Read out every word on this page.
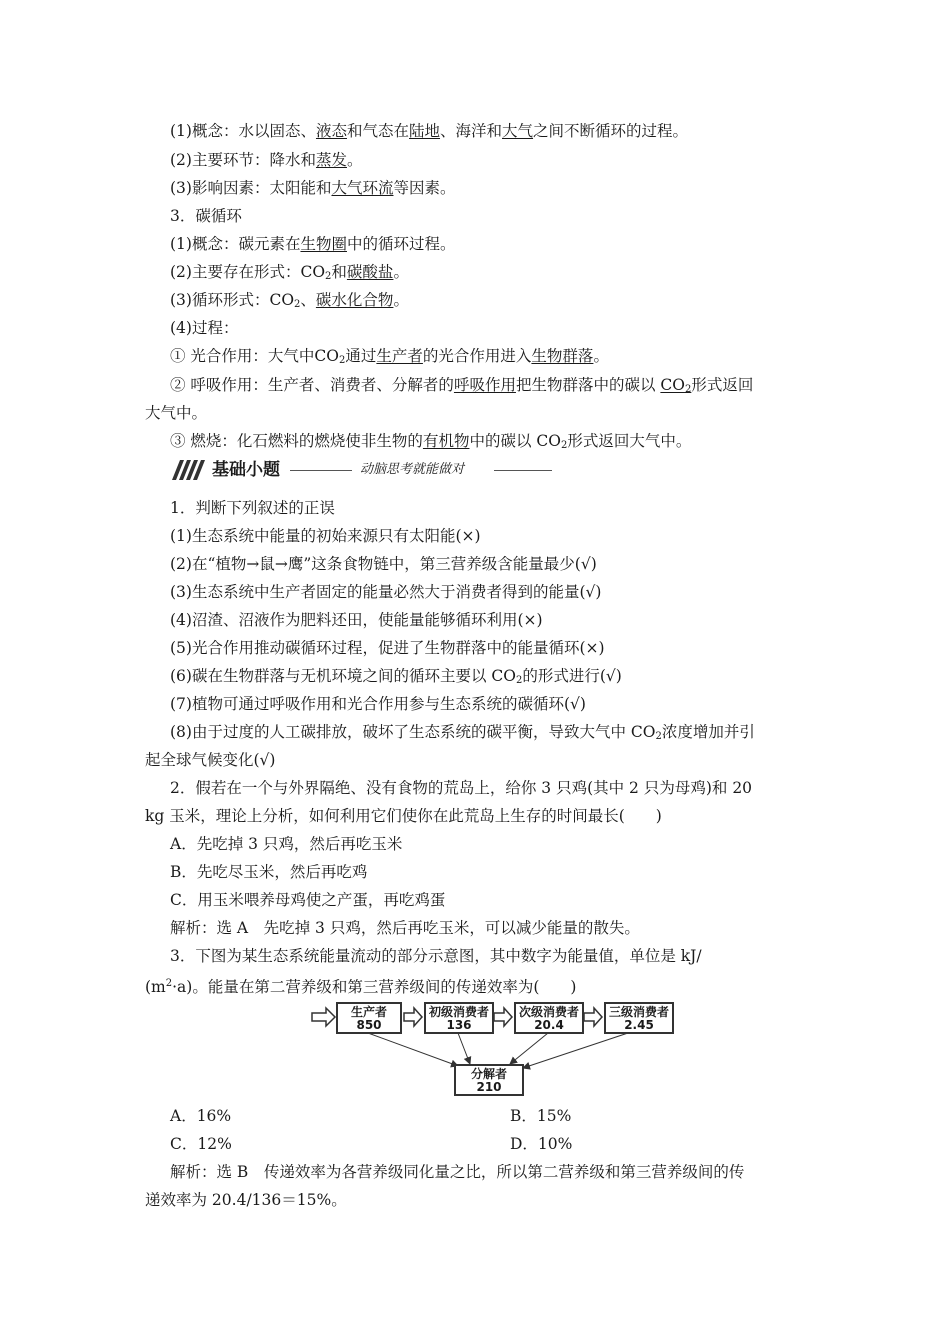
(1)概念：水以固态、液态和气态在陆地、海洋和大气之间不断循环的过程。
(2)主要环节：降水和蒸发。
(3)影响因素：太阳能和大气环流等因素。
3．碳循环
(1)概念：碳元素在生物圈中的循环过程。
(2)主要存在形式：$CO_2$和碳酸盐。
(3)循环形式：$CO_2$、碳水化合物。
(4)过程：
① 光合作用：大气中$CO_2$通过生产者的光合作用进入生物群落。
② 呼吸作用：生产者、消费者、分解者的呼吸作用把生物群落中的碳以 $CO_2$形式返回
大气中。
③ 燃烧：化石燃料的燃烧使非生物的有机物中的碳以 $CO_2$形式返回大气中。
基础小题	动脑思考就能做对
1．判断下列叙述的正误
(1)生态系统中能量的初始来源只有太阳能(×)
(2)在“植物→鼠→鹰”这条食物链中，第三营养级含能量最少(√)
(3)生态系统中生产者固定的能量必然大于消费者得到的能量(√)
(4)沼渣、沼液作为肥料还田，使能量能够循环利用(×)
(5)光合作用推动碳循环过程，促进了生物群落中的能量循环(×)
(6)碳在生物群落与无机环境之间的循环主要以 $CO_2$的形式进行(√)
(7)植物可通过呼吸作用和光合作用参与生态系统的碳循环(√)
(8)由于过度的人工碳排放，破坏了生态系统的碳平衡，导致大气中 $CO_2$浓度增加并引
起全球气候变化(√)
2．假若在一个与外界隔绝、没有食物的荒岛上，给你 3 只鸡(其中 2 只为母鸡)和 20
kg 玉米，理论上分析，如何利用它们使你在此荒岛上生存的时间最长(　　)
A．先吃掉 3 只鸡，然后再吃玉米
B．先吃尽玉米，然后再吃鸡
C．用玉米喂养母鸡使之产蛋，再吃鸡蛋
解析：选 A　先吃掉 3 只鸡，然后再吃玉米，可以减少能量的散失。
3．下图为某生态系统能量流动的部分示意图，其中数字为能量值，单位是 kJ/
$(m^2\cdot a)$。能量在第二营养级和第三营养级间的传递效率为(　　)
生产者
850
初级消费者
136
次级消费者
20.4
三级消费者
2.45
分解者
210
A．16%	B．15%
C．12%	D．10%
解析：选 B　传递效率为各营养级同化量之比，所以第二营养级和第三营养级间的传
递效率为 20.4/136＝15%。
